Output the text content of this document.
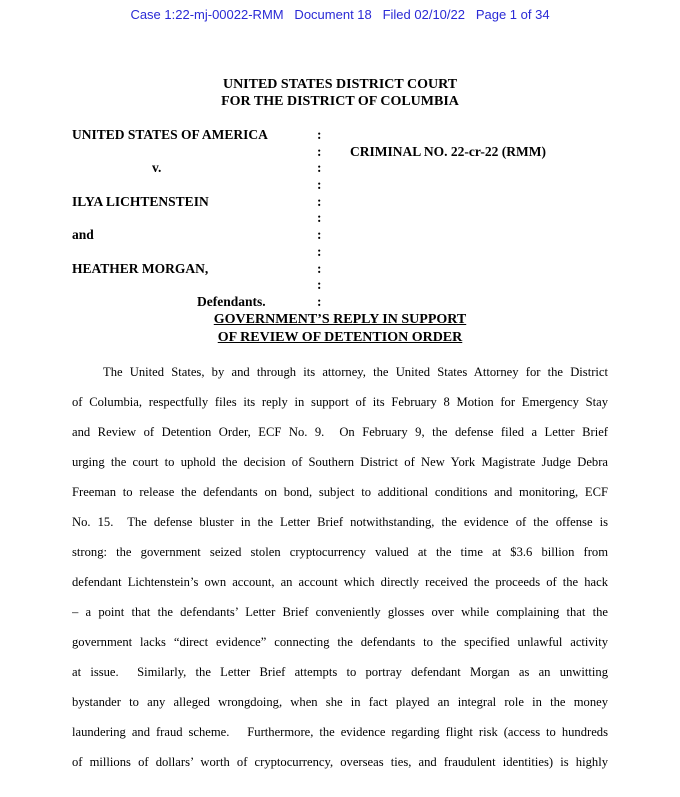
Case 1:22-mj-00022-RMM   Document 18   Filed 02/10/22   Page 1 of 34
UNITED STATES DISTRICT COURT
FOR THE DISTRICT OF COLUMBIA
UNITED STATES OF AMERICA	:
:	CRIMINAL NO. 22-cr-22 (RMM)
v.	:
:
ILYA LICHTENSTEIN	:
:
and	:
:
HEATHER MORGAN,	:
:
Defendants.	:
GOVERNMENT’S REPLY IN SUPPORT
OF REVIEW OF DETENTION ORDER
The United States, by and through its attorney, the United States Attorney for the District
of Columbia, respectfully files its reply in support of its February 8 Motion for Emergency Stay
and Review of Detention Order, ECF No. 9.  On February 9, the defense filed a Letter Brief
urging the court to uphold the decision of Southern District of New York Magistrate Judge Debra
Freeman to release the defendants on bond, subject to additional conditions and monitoring, ECF
No. 15.  The defense bluster in the Letter Brief notwithstanding, the evidence of the offense is
strong: the government seized stolen cryptocurrency valued at the time at $3.6 billion from
defendant Lichtenstein’s own account, an account which directly received the proceeds of the hack
– a point that the defendants’ Letter Brief conveniently glosses over while complaining that the
government lacks “direct evidence” connecting the defendants to the specified unlawful activity
at issue.  Similarly, the Letter Brief attempts to portray defendant Morgan as an unwitting
bystander to any alleged wrongdoing, when she in fact played an integral role in the money
laundering and fraud scheme.   Furthermore, the evidence regarding flight risk (access to hundreds
of millions of dollars’ worth of cryptocurrency, overseas ties, and fraudulent identities) is highly
